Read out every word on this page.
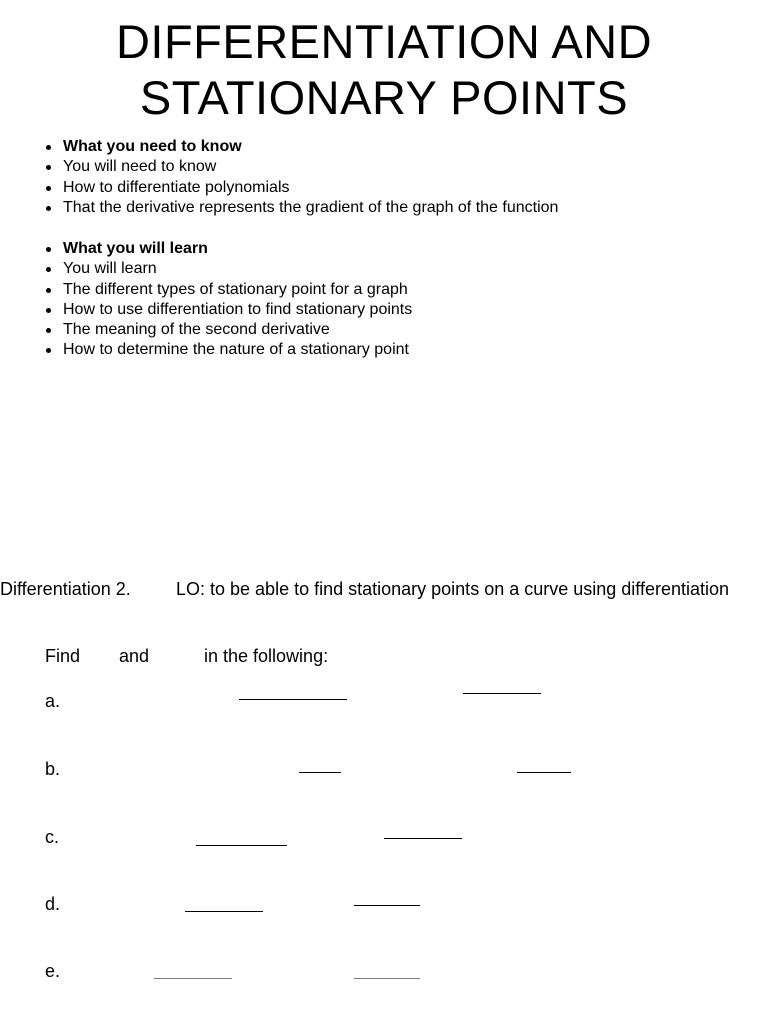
DIFFERENTIATION AND
STATIONARY POINTS
What you need to know
You will need to know
How to differentiate polynomials
That the derivative represents the gradient of the graph of the function
What you will learn
You will learn
The different types of stationary point for a graph
How to use differentiation to find stationary points
The meaning of the second derivative
How to determine the nature of a stationary point
Differentiation 2.	LO: to be able to find stationary points on a curve using differentiation
Find and	in the following:
a.
b.
c.
d.
e.
